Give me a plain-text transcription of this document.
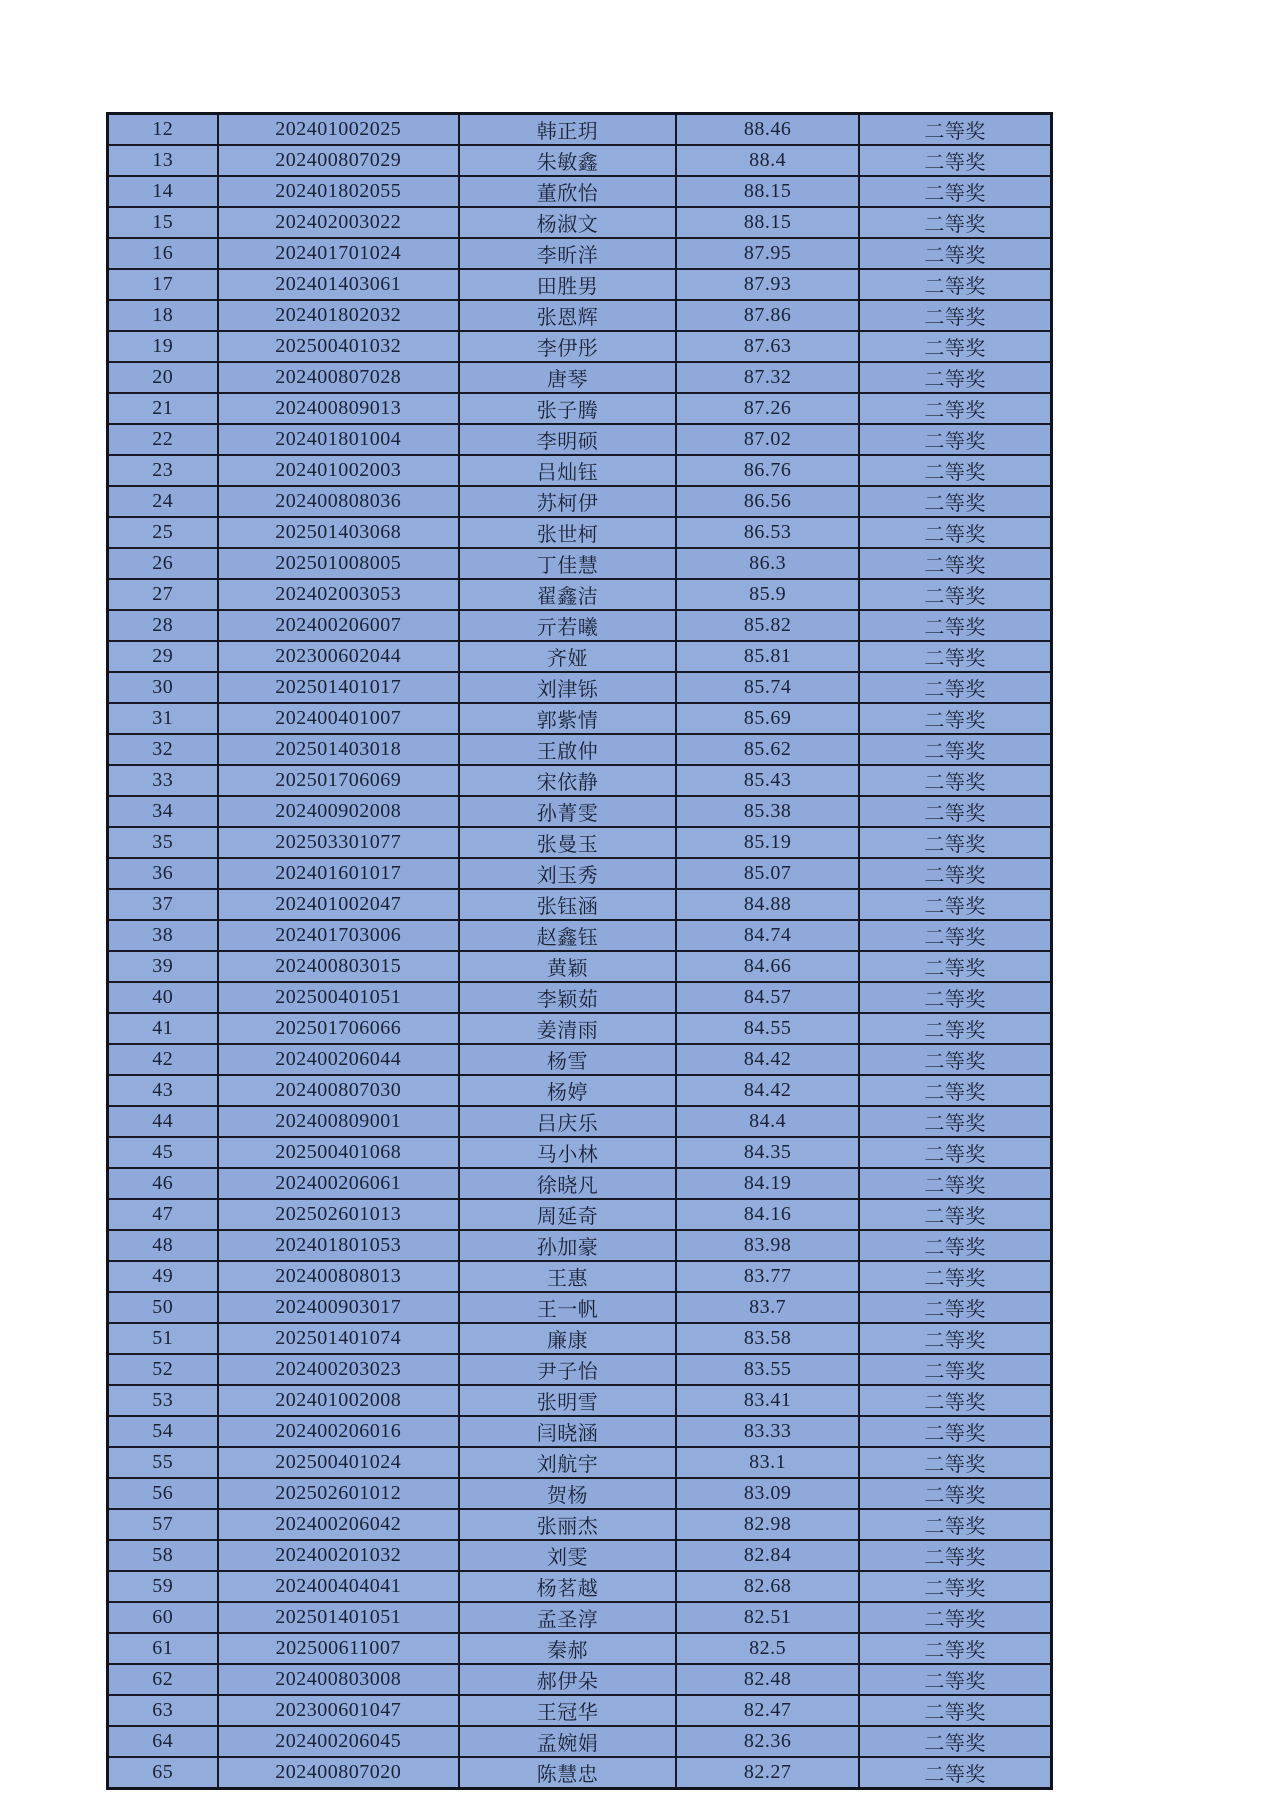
12	202401002025	韩正玥	88.46	二等奖
13	202400807029	朱敏鑫	88.4	二等奖
14	202401802055	董欣怡	88.15	二等奖
15	202402003022	杨淑文	88.15	二等奖
16	202401701024	李昕洋	87.95	二等奖
17	202401403061	田胜男	87.93	二等奖
18	202401802032	张恩辉	87.86	二等奖
19	202500401032	李伊彤	87.63	二等奖
20	202400807028	唐琴	87.32	二等奖
21	202400809013	张子腾	87.26	二等奖
22	202401801004	李明硕	87.02	二等奖
23	202401002003	吕灿钰	86.76	二等奖
24	202400808036	苏柯伊	86.56	二等奖
25	202501403068	张世柯	86.53	二等奖
26	202501008005	丁佳慧	86.3	二等奖
27	202402003053	翟鑫洁	85.9	二等奖
28	202400206007	亓若曦	85.82	二等奖
29	202300602044	齐娅	85.81	二等奖
30	202501401017	刘津铄	85.74	二等奖
31	202400401007	郭紫情	85.69	二等奖
32	202501403018	王啟仲	85.62	二等奖
33	202501706069	宋依静	85.43	二等奖
34	202400902008	孙菁雯	85.38	二等奖
35	202503301077	张曼玉	85.19	二等奖
36	202401601017	刘玉秀	85.07	二等奖
37	202401002047	张钰涵	84.88	二等奖
38	202401703006	赵鑫钰	84.74	二等奖
39	202400803015	黄颖	84.66	二等奖
40	202500401051	李颖茹	84.57	二等奖
41	202501706066	姜清雨	84.55	二等奖
42	202400206044	杨雪	84.42	二等奖
43	202400807030	杨婷	84.42	二等奖
44	202400809001	吕庆乐	84.4	二等奖
45	202500401068	马小林	84.35	二等奖
46	202400206061	徐晓凡	84.19	二等奖
47	202502601013	周延奇	84.16	二等奖
48	202401801053	孙加豪	83.98	二等奖
49	202400808013	王惠	83.77	二等奖
50	202400903017	王一帆	83.7	二等奖
51	202501401074	廉康	83.58	二等奖
52	202400203023	尹子怡	83.55	二等奖
53	202401002008	张明雪	83.41	二等奖
54	202400206016	闫晓涵	83.33	二等奖
55	202500401024	刘航宇	83.1	二等奖
56	202502601012	贺杨	83.09	二等奖
57	202400206042	张丽杰	82.98	二等奖
58	202400201032	刘雯	82.84	二等奖
59	202400404041	杨茗越	82.68	二等奖
60	202501401051	孟圣淳	82.51	二等奖
61	202500611007	秦郝	82.5	二等奖
62	202400803008	郝伊朵	82.48	二等奖
63	202300601047	王冠华	82.47	二等奖
64	202400206045	孟婉娟	82.36	二等奖
65	202400807020	陈慧忠	82.27	二等奖
